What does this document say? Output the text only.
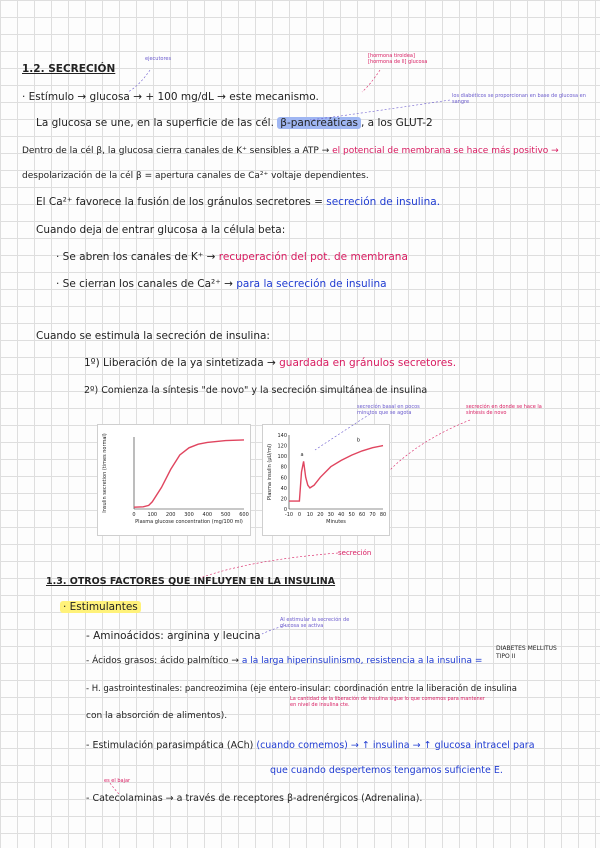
1.2. SECRECIÓN
ejecutores	[hormona tiroidea] [hormona de ll] glucosa
los diabéticos se proporcionan en base de glucosa en sangre
· Estímulo → glucosa → + 100 mg/dL → este mecanismo.
La glucosa se une, en la superficie de las cél. β-pancreáticas , a los GLUT-2
Dentro de la cél β, la glucosa cierra canales de K⁺ sensibles a ATP → el potencial de membrana se hace más positivo →
despolarización de la cél β = apertura canales de Ca²⁺ voltaje dependientes.
El Ca²⁺ favorece la fusión de los gránulos secretores = secreción de insulina.
Cuando deja de entrar glucosa a la célula beta:
· Se abren los canales de K⁺ → recuperación del pot. de membrana
· Se cierran los canales de Ca²⁺ → para la secreción de insulina
Cuando se estimula la secreción de insulina:
1º) Liberación de la ya sintetizada → guardada en gránulos secretores.
2º) Comienza la síntesis "de novo" y la secreción simultánea de insulina
secreción basal en pocos minutos que se agota
secreción en donde se hace la síntesis de novo
0 100 200 300 400 500 600
Plasma glucose concentration (mg/100 ml)
Insulin secretion (times normal)
-10 0 10 20 30 40 50 60 70 80
0
20
40
60
80
100
120
140
Minutes
Plasma insulin (µU/ml)	a
b
secreción
1.3. OTROS FACTORES QUE INFLUYEN EN LA INSULINA
· Estimulantes
Al estimular la secreción de glucosa se activa
- Aminoácidos: arginina y leucina
DIABETES MELLITUS TIPO II
- Ácidos grasos: ácido palmítico → a la larga hiperinsulinismo, resistencia a la insulina =
- H. gastrointestinales: pancreozimina (eje entero-insular: coordinación entre la liberación de insulina
con la absorción de alimentos).
La cantidad de la liberación de insulina sigue lo que comemos para mantener en nivel de insulina cte.
- Estimulación parasimpática (ACh) (cuando comemos) → ↑ insulina → ↑ glucosa intracel para
que cuando despertemos tengamos suficiente E.
es el bajar
- Catecolaminas → a través de receptores β-adrenérgicos (Adrenalina).
